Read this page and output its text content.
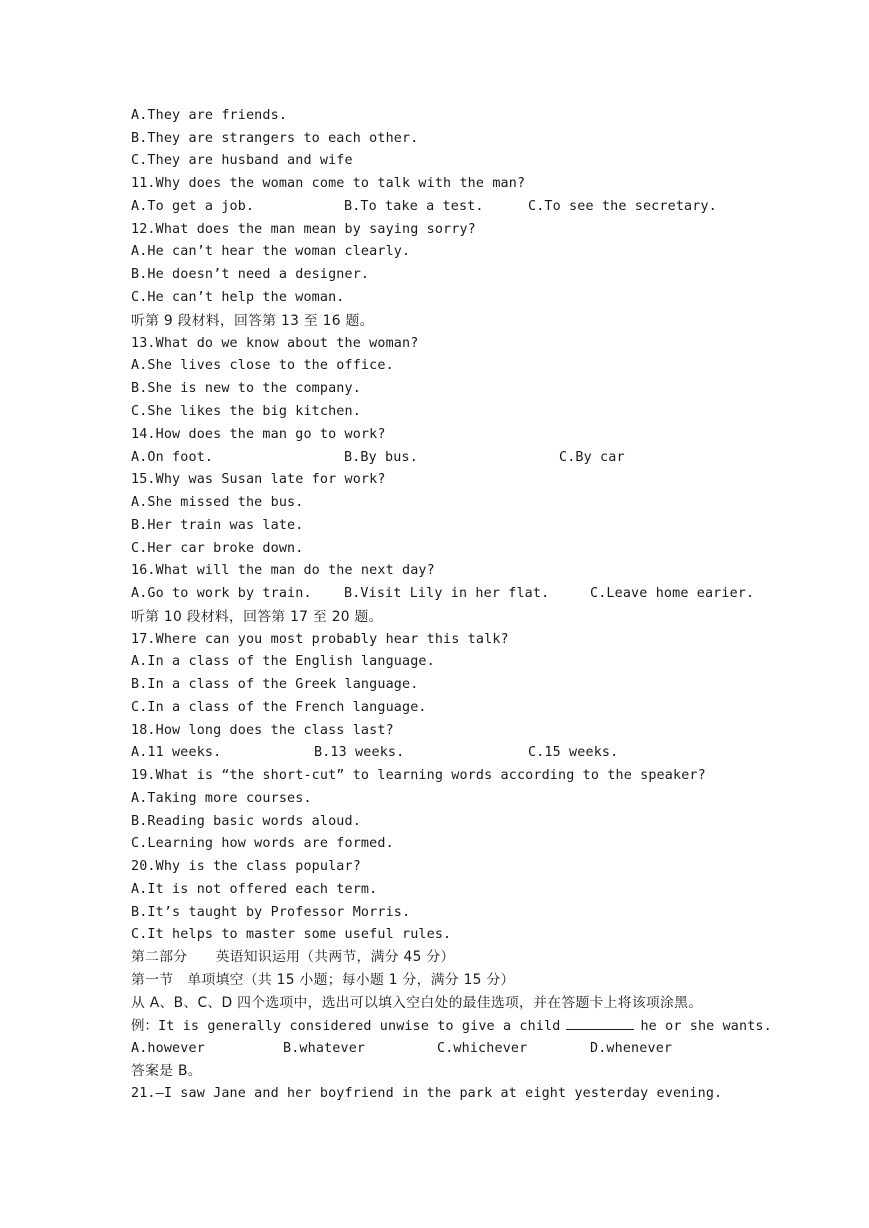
A.They are friends.
B.They are strangers to each other.
C.They are husband and wife
11.Why does the woman come to talk with the man?

A.To get a job.

	B.To take a test.

	C.To see the secretary.

12.What does the man mean by saying sorry?
A.He can’t hear the woman clearly.
B.He doesn’t need a designer.
C.He can’t help the woman.
听第 9 段材料，回答第 13 至 16 题。
13.What do we know about the woman?
A.She lives close to the office.
B.She is new to the company.
C.She likes the big kitchen.
14.How does the man go to work?

A.On foot.

	B.By bus.

	C.By car

15.Why was Susan late for work?
A.She missed the bus.
B.Her train was late.
C.Her car broke down.
16.What will the man do the next day?

A.Go to work by train.

B.Visit Lily in her flat.

	C.Leave home earier.

听第 10 段材料，回答第 17 至 20 题。
17.Where can you most probably hear this talk?
A.In a class of the English language.
B.In a class of the Greek language.
C.In a class of the French language.
18.How long does the class last?

A.11 weeks.

	B.13 weeks.

	C.15 weeks.

19.What is “the short-cut” to learning words according to the speaker?
A.Taking more courses.
B.Reading basic words aloud.
C.Learning how words are formed.
20.Why is the class popular?
A.It is not offered each term.
B.It’s taught by Professor Morris.
C.It helps to master some useful rules.
第二部分　　英语知识运用（共两节，满分 45 分）
第一节　单项填空（共 15 小题；每小题 1 分，满分 15 分）
从 A、B、C、D 四个选项中，选出可以填入空白处的最佳选项，并在答题卡上将该项涂黑。
例：It is generally considered unwise to give a child	he or she wants.

A.however

	B.whatever

	C.whichever

	D.whenever

答案是 B。
21.—I saw Jane and her boyfriend in the park at eight yesterday evening.
